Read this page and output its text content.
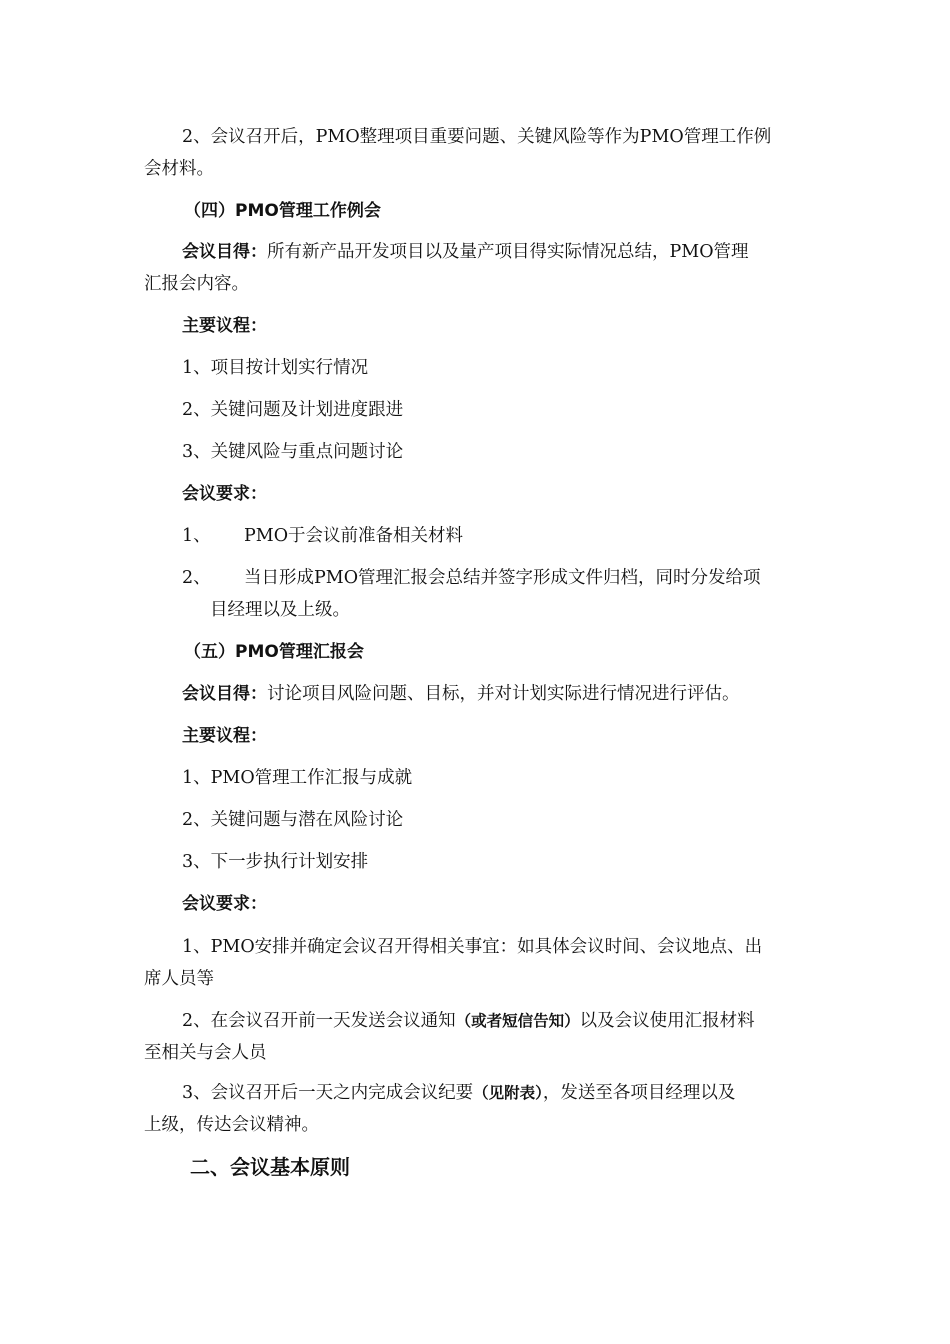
2、会议召开后，PMO整理项目重要问题、关键风险等作为PMO管理工作例
会材料。
（四）PMO管理工作例会
会议目得：所有新产品开发项目以及量产项目得实际情况总结，PMO管理
汇报会内容。
主要议程：
1、项目按计划实行情况
2、关键问题及计划进度跟进
3、关键风险与重点问题讨论
会议要求：
1、 PMO于会议前准备相关材料
2、 当日形成PMO管理汇报会总结并签字形成文件归档，同时分发给项
目经理以及上级。
（五）PMO管理汇报会
会议目得：讨论项目风险问题、目标，并对计划实际进行情况进行评估。
主要议程：
1、PMO管理工作汇报与成就
2、关键问题与潜在风险讨论
3、下一步执行计划安排
会议要求：
1、PMO安排并确定会议召开得相关事宜：如具体会议时间、会议地点、出
席人员等
2、在会议召开前一天发送会议通知（或者短信告知）以及会议使用汇报材料
至相关与会人员
3、会议召开后一天之内完成会议纪要（见附表），发送至各项目经理以及
上级，传达会议精神。
二、会议基本原则
